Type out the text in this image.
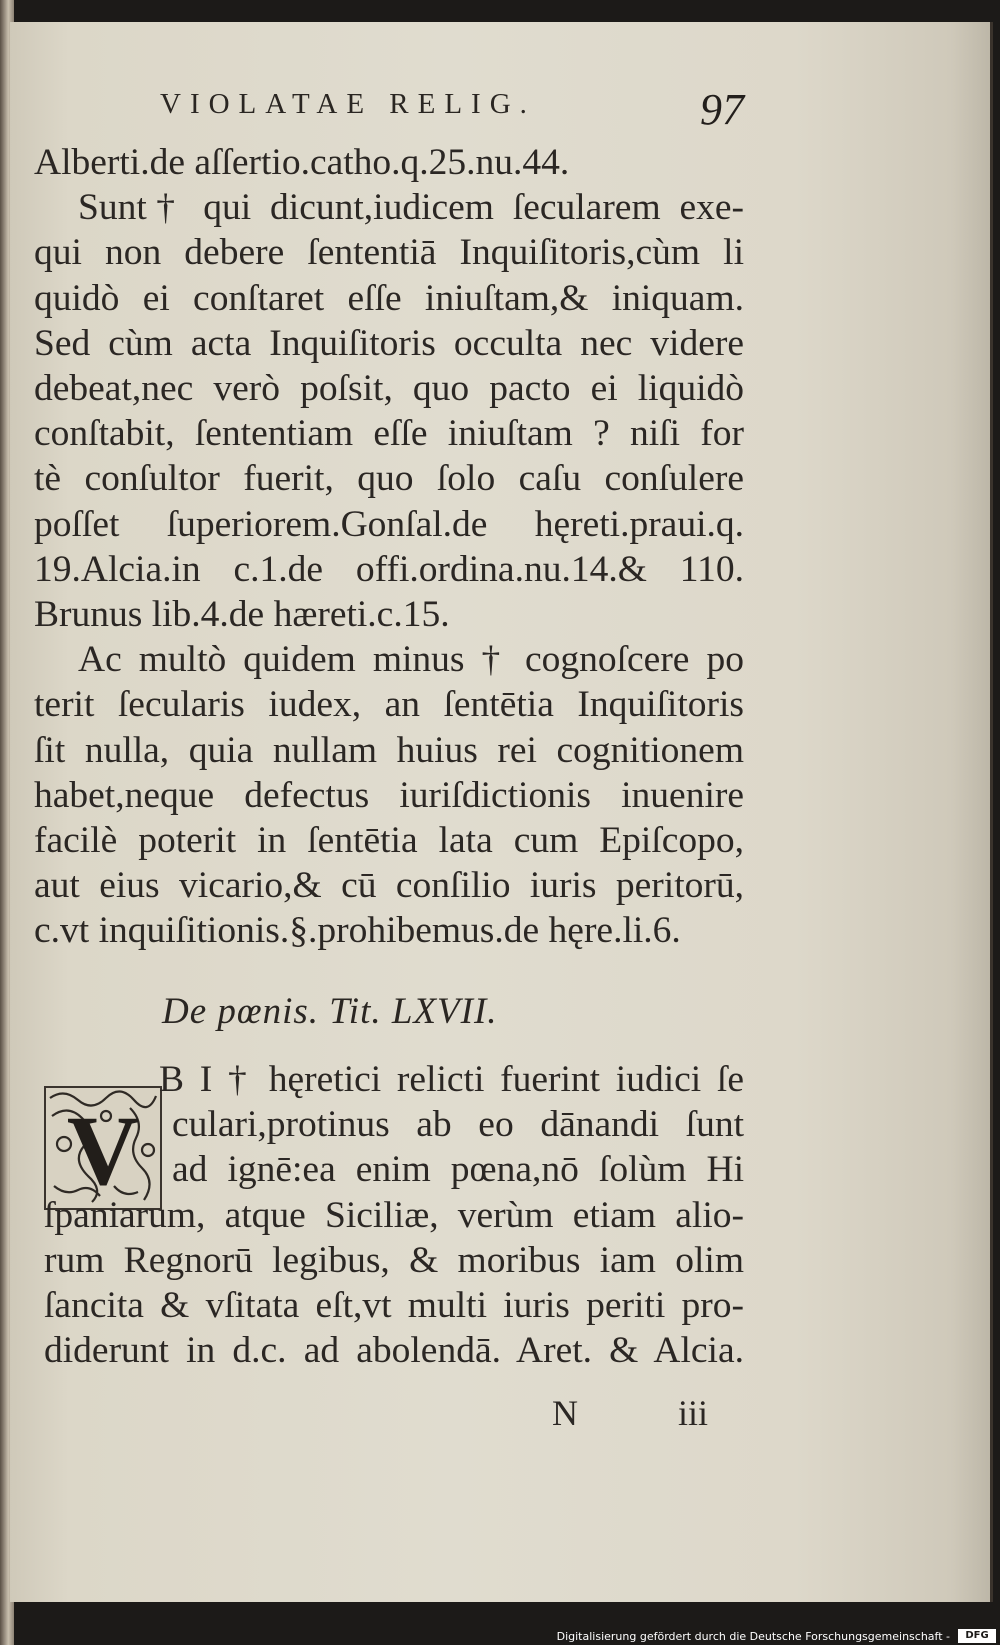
VIOLATAE RELIG.	97
Alberti.de aſſertio.catho.q.25.nu.44.
Sunt† qui dicunt,iudicem ſecularem exe-
qui non debere ſententiā Inquiſitoris,cùm li
quidò ei conſtaret eſſe iniuſtam,& iniquam.
Sed cùm acta Inquiſitoris occulta nec videre
debeat,nec verò poſsit, quo pacto ei liquidò
conſtabit, ſententiam eſſe iniuſtam ? niſi for
tè conſultor fuerit, quo ſolo caſu conſulere
poſſet ſuperiorem.Gonſal.de hęreti.praui.q.
19.Alcia.in c.1.de offi.ordina.nu.14.& 110.
Brunus lib.4.de hæreti.c.15.
Ac multò quidem minus † cognoſcere po
terit ſecularis iudex, an ſentētia Inquiſitoris
ſit nulla, quia nullam huius rei cognitionem
habet,neque defectus iuriſdictionis inuenire
facilè poterit in ſentētia lata cum Epiſcopo,
aut eius vicario,& cū conſilio iuris peritorū,
c.vt inquiſitionis.§.prohibemus.de hęre.li.6.
De pœnis. Tit. LXVII.
V
B I † hęretici relicti fuerint iudici ſe
culari,protinus ab eo dānandi ſunt
ad ignē:ea enim pœna,nō ſolùm Hi
ſpaniarum, atque Siciliæ, verùm etiam alio-
rum Regnorū legibus, & moribus iam olim
ſancita & vſitata eſt,vt multi iuris periti pro-
diderunt in d.c. ad abolendā. Aret. & Alcia.
N	iii
Digitalisierung gefördert durch die Deutsche Forschungsgemeinschaft -	DFG
